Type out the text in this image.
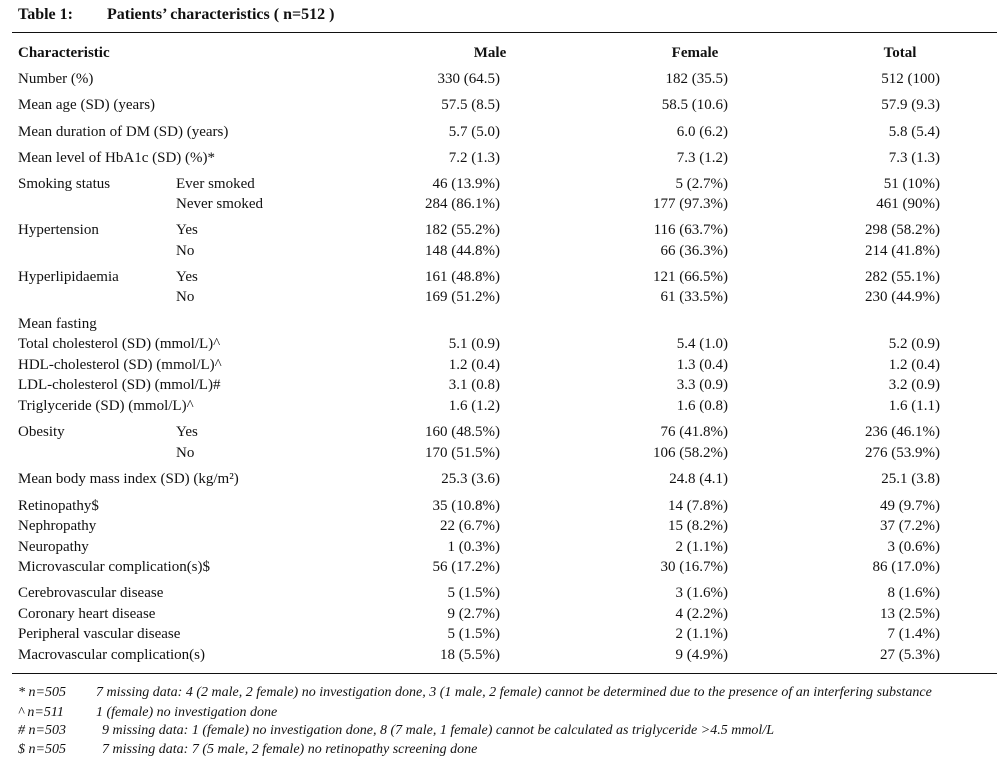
Table 1: Patients’ characteristics ( n=512 )
Characteristic	Male	Female	Total
Number (%)	330 (64.5)	182 (35.5)	512 (100)
Mean age (SD) (years)	57.5 (8.5)	58.5 (10.6)	57.9 (9.3)
Mean duration of DM (SD) (years)	5.7 (5.0)	6.0 (6.2)	5.8 (5.4)
Mean level of HbA1c (SD) (%)*	7.2 (1.3)	7.3 (1.2)	7.3 (1.3)
Smoking status	Ever smoked	46 (13.9%)	5 (2.7%)	51 (10%)
Never smoked	284 (86.1%)	177 (97.3%)	461 (90%)
Hypertension	Yes	182 (55.2%)	116 (63.7%)	298 (58.2%)
No	148 (44.8%)	66 (36.3%)	214 (41.8%)
Hyperlipidaemia	Yes	161 (48.8%)	121 (66.5%)	282 (55.1%)
No	169 (51.2%)	61 (33.5%)	230 (44.9%)
Mean fasting
Total cholesterol (SD) (mmol/L)^	5.1 (0.9)	5.4 (1.0)	5.2 (0.9)
HDL-cholesterol (SD) (mmol/L)^	1.2 (0.4)	1.3 (0.4)	1.2 (0.4)
LDL-cholesterol (SD) (mmol/L)#	3.1 (0.8)	3.3 (0.9)	3.2 (0.9)
Triglyceride (SD) (mmol/L)^	1.6 (1.2)	1.6 (0.8)	1.6 (1.1)
Obesity	Yes	160 (48.5%)	76 (41.8%)	236 (46.1%)
No	170 (51.5%)	106 (58.2%)	276 (53.9%)
Mean body mass index (SD) (kg/m²)	25.3 (3.6)	24.8 (4.1)	25.1 (3.8)
Retinopathy$	35 (10.8%)	14 (7.8%)	49 (9.7%)
Nephropathy	22 (6.7%)	15 (8.2%)	37 (7.2%)
Neuropathy	1 (0.3%)	2 (1.1%)	3 (0.6%)
Microvascular complication(s)$	56 (17.2%)	30 (16.7%)	86 (17.0%)
Cerebrovascular disease	5 (1.5%)	3 (1.6%)	8 (1.6%)
Coronary heart disease	9 (2.7%)	4 (2.2%)	13 (2.5%)
Peripheral vascular disease	5 (1.5%)	2 (1.1%)	7 (1.4%)
Macrovascular complication(s)	18 (5.5%)	9 (4.9%)	27 (5.3%)
* n=505 7 missing data: 4 (2 male, 2 female) no investigation done, 3 (1 male, 2 female) cannot be determined due to the presence of an interfering substance
^ n=511 1 (female) no investigation done
# n=503	9 missing data: 1 (female) no investigation done, 8 (7 male, 1 female) cannot be calculated as triglyceride >4.5 mmol/L
$ n=505	7 missing data: 7 (5 male, 2 female) no retinopathy screening done
